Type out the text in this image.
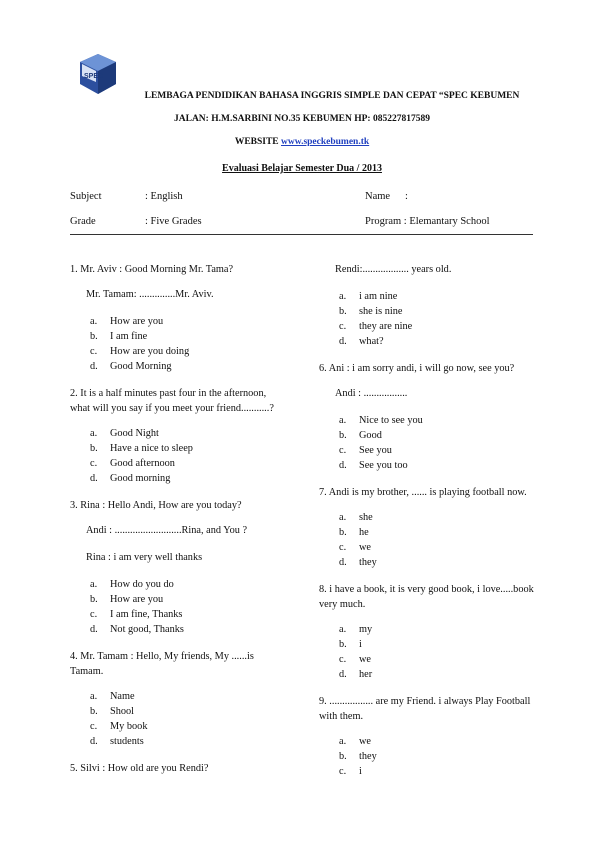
SPEC
LEMBAGA PENDIDIKAN BAHASA INGGRIS SIMPLE DAN CEPAT “SPEC KEBUMEN
JALAN: H.M.SARBINI NO.35 KEBUMEN HP: 085227817589
WEBSITE www.speckebumen.tk
Evaluasi Belajar Semester Dua / 2013
Subject	: English	Name :
Grade	: Five Grades	Program : Elemantary School
1. Mr. Aviv : Good Morning Mr. Tama?
Mr. Tamam: ..............Mr. Aviv.
a.	How are you
b.	I am fine
c.	How are you doing
d.	Good Morning
2. It is a half minutes past four in the afternoon, what will you say if you meet your friend...........?
a.	Good Night
b.	Have a nice to sleep
c.	Good afternoon
d.	Good morning
3. Rina : Hello Andi, How are you today?
Andi : ..........................Rina, and You ?
Rina : i am very well thanks
a.	How do you do
b.	How are you
c.	I am fine, Thanks
d.	Not good, Thanks
4. Mr. Tamam : Hello, My friends, My ......is Tamam.
a.	Name
b.	Shool
c.	My book
d.	students
5. Silvi : How old are you Rendi?
Rendi:.................. years old.
a.	i am nine
b.	she is nine
c.	they are nine
d.	what?
6. Ani : i am sorry andi, i will go now, see you?
Andi : .................
a.	Nice to see you
b.	Good
c.	See you
d.	See you too
7. Andi is my brother, ...... is playing football now.
a.	she
b.	he
c.	we
d.	they
8. i have a book, it is very good book, i love.....book very much.
a.	my
b.	i
c.	we
d.	her
9. ................. are my Friend. i always Play Football with them.
a.	we
b.	they
c.	i
